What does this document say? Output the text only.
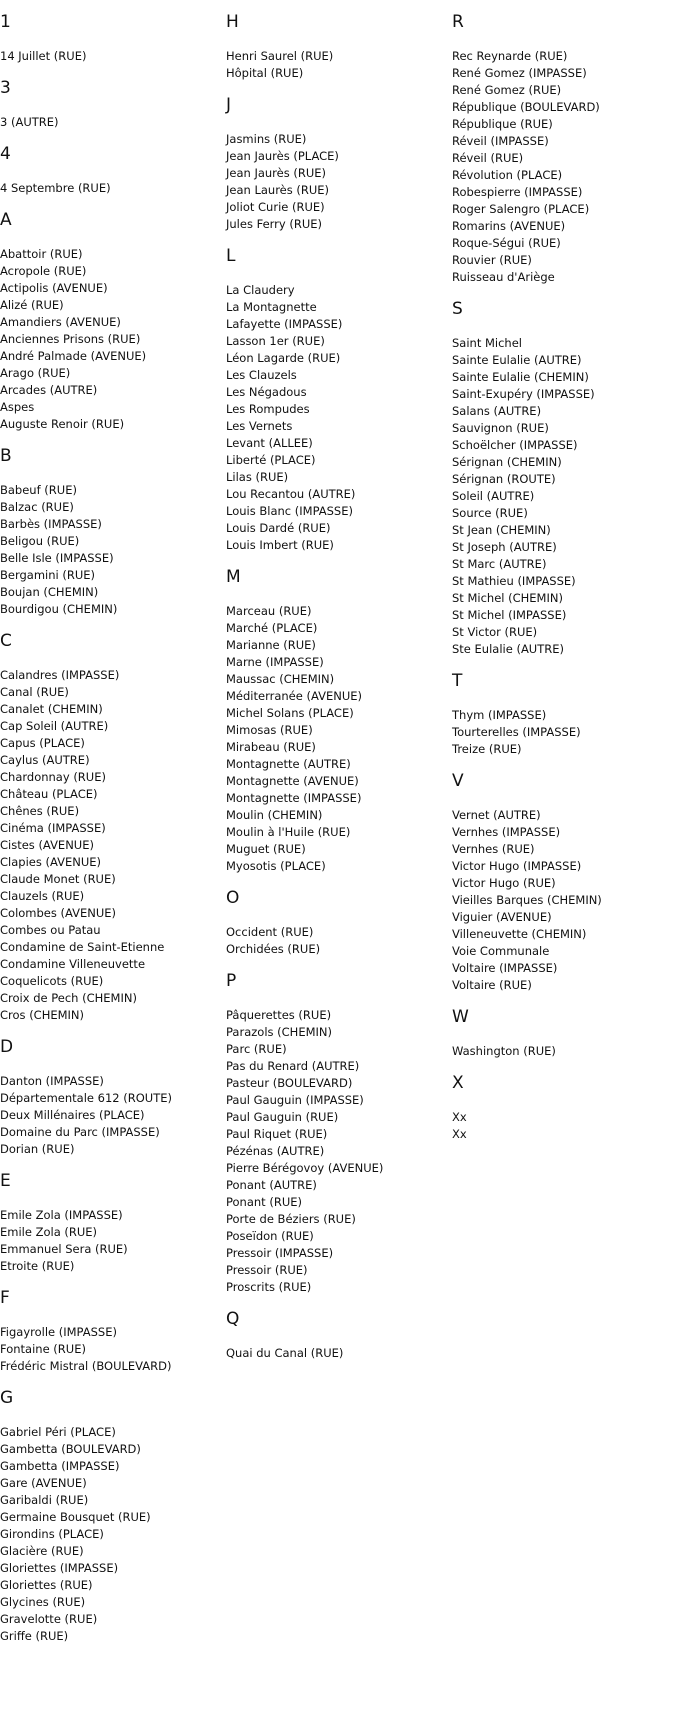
1
14 Juillet (RUE)
3
3 (AUTRE)
4
4 Septembre (RUE)
A
Abattoir (RUE)
Acropole (RUE)
Actipolis (AVENUE)
Alizé (RUE)
Amandiers (AVENUE)
Anciennes Prisons (RUE)
André Palmade (AVENUE)
Arago (RUE)
Arcades (AUTRE)
Aspes
Auguste Renoir (RUE)
B
Babeuf (RUE)
Balzac (RUE)
Barbès (IMPASSE)
Beligou (RUE)
Belle Isle (IMPASSE)
Bergamini (RUE)
Boujan (CHEMIN)
Bourdigou (CHEMIN)
C
Calandres (IMPASSE)
Canal (RUE)
Canalet (CHEMIN)
Cap Soleil (AUTRE)
Capus (PLACE)
Caylus (AUTRE)
Chardonnay (RUE)
Château (PLACE)
Chênes (RUE)
Cinéma (IMPASSE)
Cistes (AVENUE)
Clapies (AVENUE)
Claude Monet (RUE)
Clauzels (RUE)
Colombes (AVENUE)
Combes ou Patau
Condamine de Saint-Etienne
Condamine Villeneuvette
Coquelicots (RUE)
Croix de Pech (CHEMIN)
Cros (CHEMIN)
D
Danton (IMPASSE)
Départementale 612 (ROUTE)
Deux Millénaires (PLACE)
Domaine du Parc (IMPASSE)
Dorian (RUE)
E
Emile Zola (IMPASSE)
Emile Zola (RUE)
Emmanuel Sera (RUE)
Etroite (RUE)
F
Figayrolle (IMPASSE)
Fontaine (RUE)
Frédéric Mistral (BOULEVARD)
G
Gabriel Péri (PLACE)
Gambetta (BOULEVARD)
Gambetta (IMPASSE)
Gare (AVENUE)
Garibaldi (RUE)
Germaine Bousquet (RUE)
Girondins (PLACE)
Glacière (RUE)
Gloriettes (IMPASSE)
Gloriettes (RUE)
Glycines (RUE)
Gravelotte (RUE)
Griffe (RUE)
H
Henri Saurel (RUE)
Hôpital (RUE)
J
Jasmins (RUE)
Jean Jaurès (PLACE)
Jean Jaurès (RUE)
Jean Laurès (RUE)
Joliot Curie (RUE)
Jules Ferry (RUE)
L
La Claudery
La Montagnette
Lafayette (IMPASSE)
Lasson 1er (RUE)
Léon Lagarde (RUE)
Les Clauzels
Les Négadous
Les Rompudes
Les Vernets
Levant (ALLEE)
Liberté (PLACE)
Lilas (RUE)
Lou Recantou (AUTRE)
Louis Blanc (IMPASSE)
Louis Dardé (RUE)
Louis Imbert (RUE)
M
Marceau (RUE)
Marché (PLACE)
Marianne (RUE)
Marne (IMPASSE)
Maussac (CHEMIN)
Méditerranée (AVENUE)
Michel Solans (PLACE)
Mimosas (RUE)
Mirabeau (RUE)
Montagnette (AUTRE)
Montagnette (AVENUE)
Montagnette (IMPASSE)
Moulin (CHEMIN)
Moulin à l'Huile (RUE)
Muguet (RUE)
Myosotis (PLACE)
O
Occident (RUE)
Orchidées (RUE)
P
Pâquerettes (RUE)
Parazols (CHEMIN)
Parc (RUE)
Pas du Renard (AUTRE)
Pasteur (BOULEVARD)
Paul Gauguin (IMPASSE)
Paul Gauguin (RUE)
Paul Riquet (RUE)
Pézénas (AUTRE)
Pierre Bérégovoy (AVENUE)
Ponant (AUTRE)
Ponant (RUE)
Porte de Béziers (RUE)
Poseïdon (RUE)
Pressoir (IMPASSE)
Pressoir (RUE)
Proscrits (RUE)
Q
Quai du Canal (RUE)
R
Rec Reynarde (RUE)
René Gomez (IMPASSE)
René Gomez (RUE)
République (BOULEVARD)
République (RUE)
Réveil (IMPASSE)
Réveil (RUE)
Révolution (PLACE)
Robespierre (IMPASSE)
Roger Salengro (PLACE)
Romarins (AVENUE)
Roque-Ségui (RUE)
Rouvier (RUE)
Ruisseau d'Ariège
S
Saint Michel
Sainte Eulalie (AUTRE)
Sainte Eulalie (CHEMIN)
Saint-Exupéry (IMPASSE)
Salans (AUTRE)
Sauvignon (RUE)
Schoëlcher (IMPASSE)
Sérignan (CHEMIN)
Sérignan (ROUTE)
Soleil (AUTRE)
Source (RUE)
St Jean (CHEMIN)
St Joseph (AUTRE)
St Marc (AUTRE)
St Mathieu (IMPASSE)
St Michel (CHEMIN)
St Michel (IMPASSE)
St Victor (RUE)
Ste Eulalie (AUTRE)
T
Thym (IMPASSE)
Tourterelles (IMPASSE)
Treize (RUE)
V
Vernet (AUTRE)
Vernhes (IMPASSE)
Vernhes (RUE)
Victor Hugo (IMPASSE)
Victor Hugo (RUE)
Vieilles Barques (CHEMIN)
Viguier (AVENUE)
Villeneuvette (CHEMIN)
Voie Communale
Voltaire (IMPASSE)
Voltaire (RUE)
W
Washington (RUE)
X
Xx
Xx
